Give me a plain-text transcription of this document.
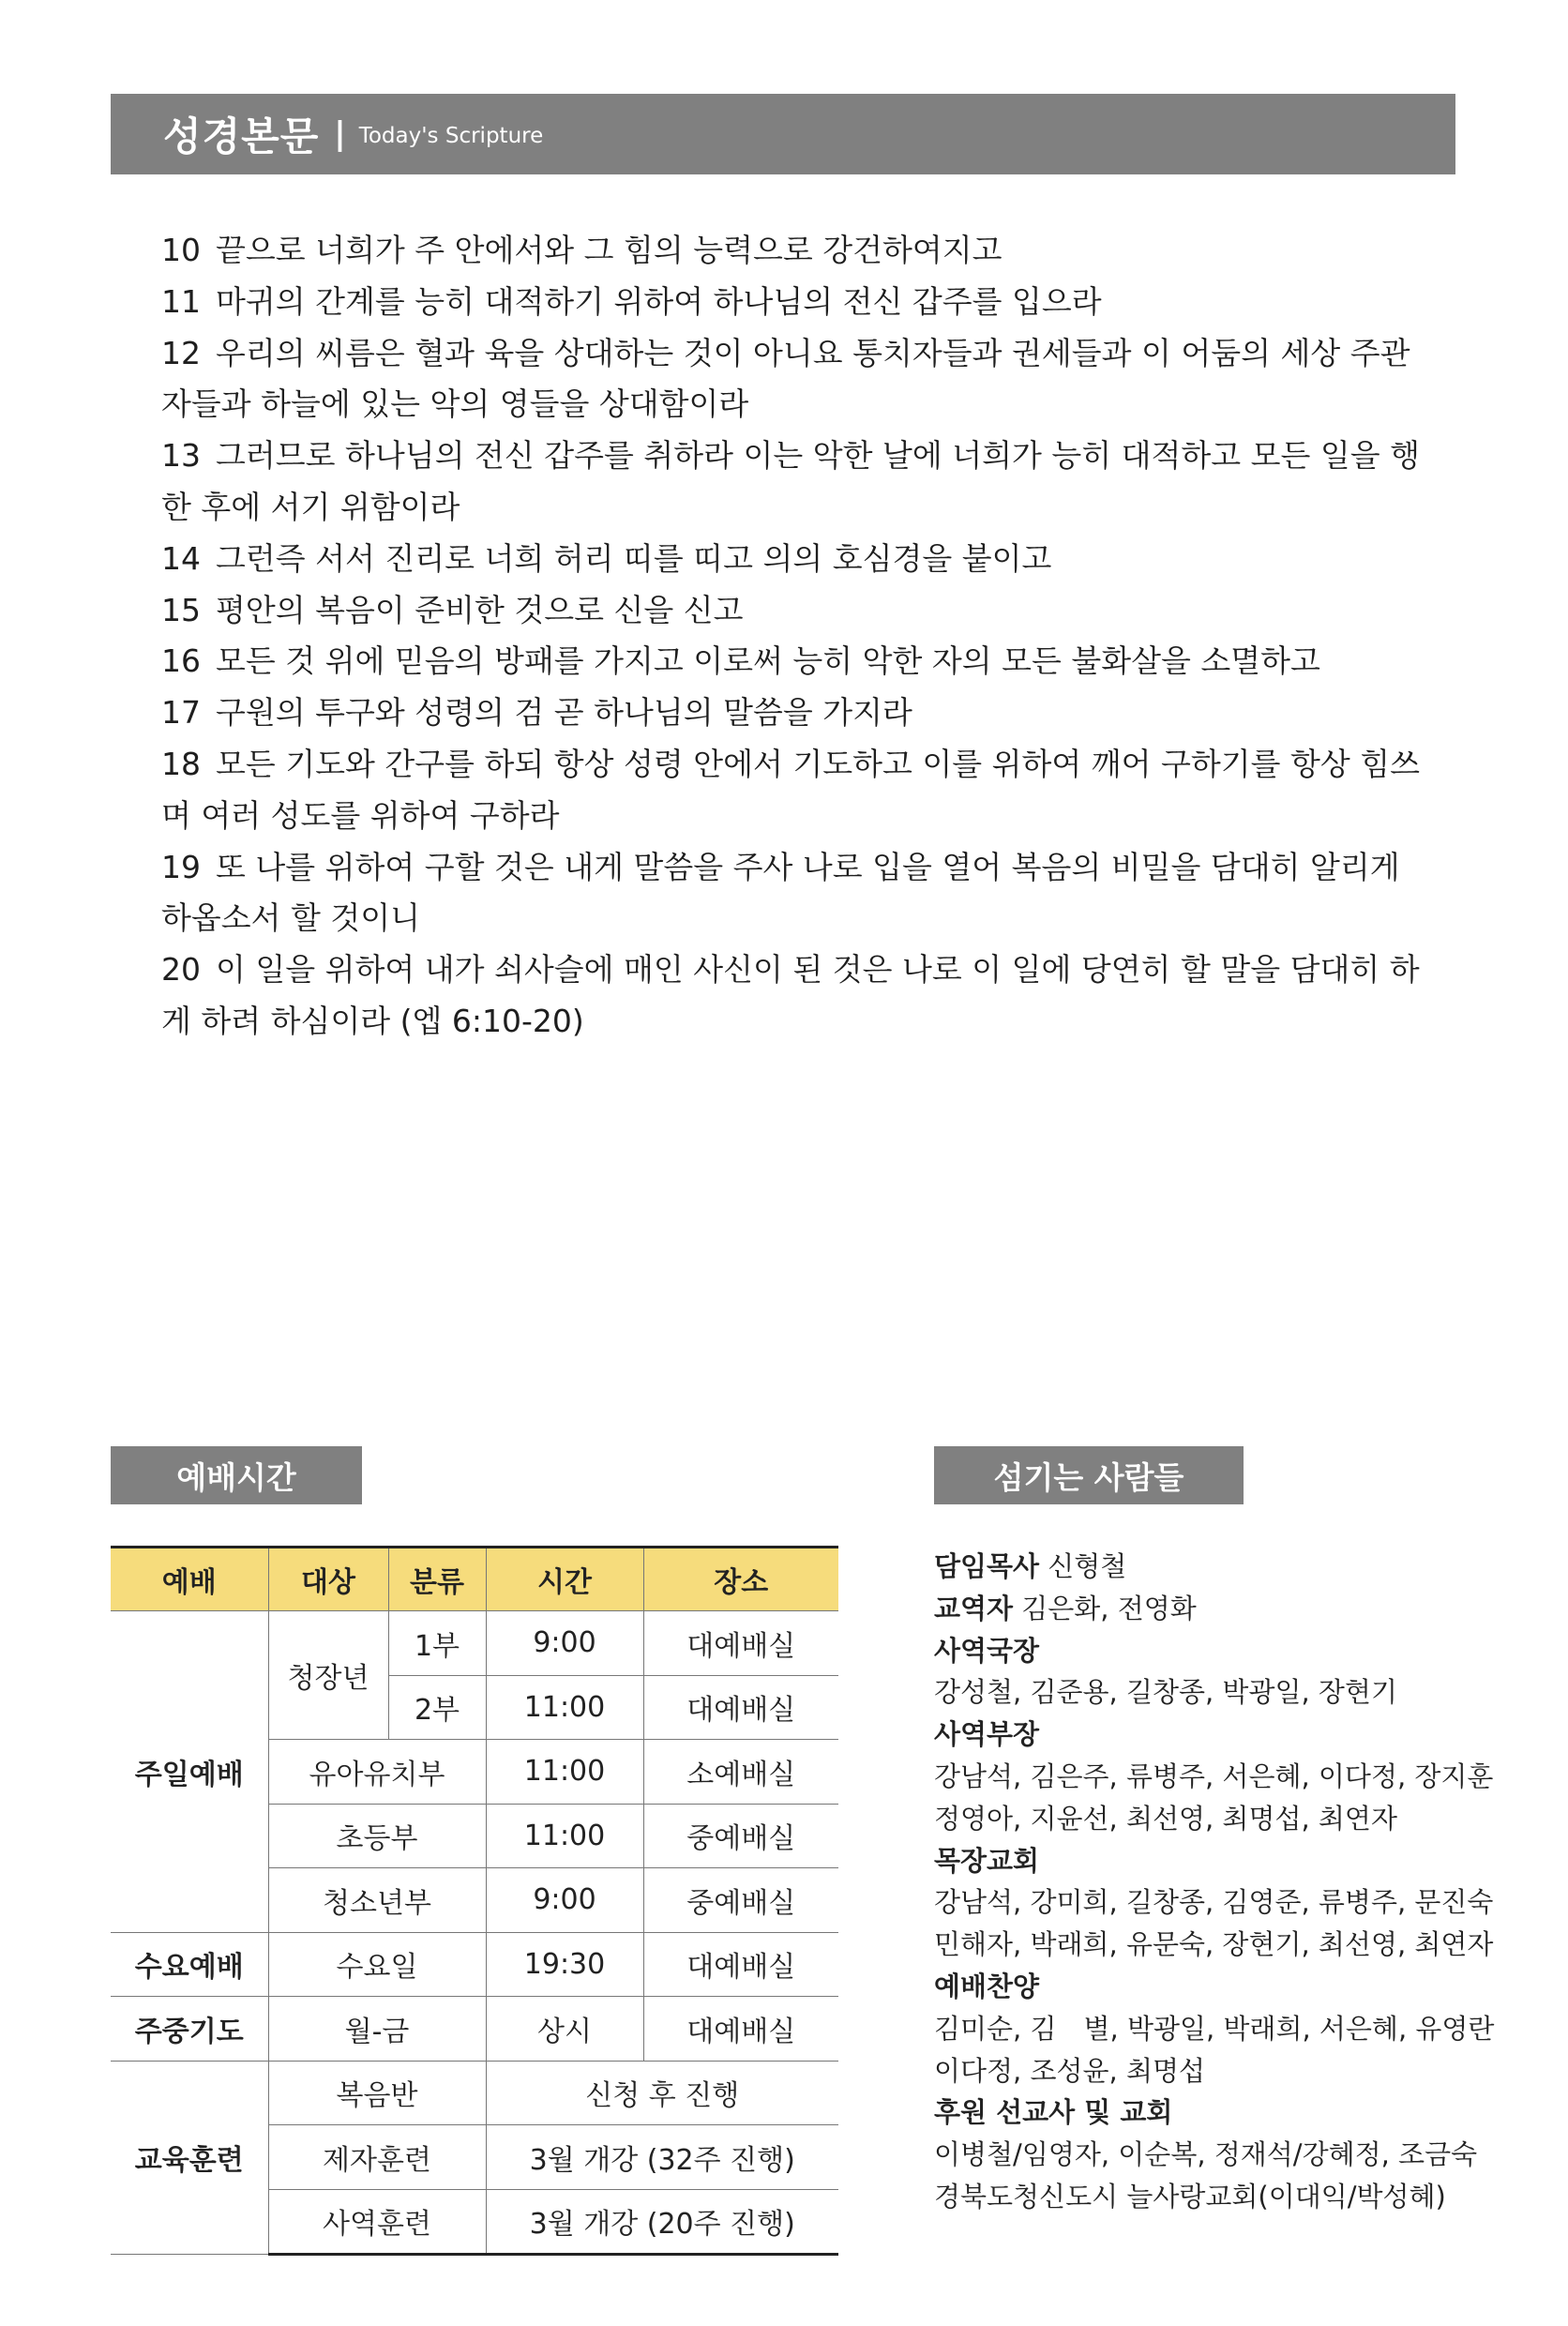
성경본문 | Today's Scripture

10 끝으로 너희가 주 안에서와 그 힘의 능력으로 강건하여지고

11 마귀의 간계를 능히 대적하기 위하여 하나님의 전신 갑주를 입으라

12 우리의 씨름은 혈과 육을 상대하는 것이 아니요 통치자들과 권세들과 이 어둠의 세상 주관
자들과 하늘에 있는 악의 영들을 상대함이라

13 그러므로 하나님의 전신 갑주를 취하라 이는 악한 날에 너희가 능히 대적하고 모든 일을 행
한 후에 서기 위함이라

14 그런즉 서서 진리로 너희 허리 띠를 띠고 의의 호심경을 붙이고

15 평안의 복음이 준비한 것으로 신을 신고

16 모든 것 위에 믿음의 방패를 가지고 이로써 능히 악한 자의 모든 불화살을 소멸하고

17 구원의 투구와 성령의 검 곧 하나님의 말씀을 가지라

18 모든 기도와 간구를 하되 항상 성령 안에서 기도하고 이를 위하여 깨어 구하기를 항상 힘쓰
며 여러 성도를 위하여 구하라

19 또 나를 위하여 구할 것은 내게 말씀을 주사 나로 입을 열어 복음의 비밀을 담대히 알리게
하옵소서 할 것이니

20 이 일을 위하여 내가 쇠사슬에 매인 사신이 된 것은 나로 이 일에 당연히 할 말을 담대히 하
게 하려 하심이라 (엡 6:10-20)

예배시간	섬기는 사람들
예배	대상	분류	시간	장소
주일예배	청장년	1부	9:00	대예배실
		2부	11:00	대예배실
	유아유치부		11:00	소예배실
	초등부		11:00	중예배실
	청소년부		9:00	중예배실
수요예배	수요일		19:30	대예배실
주중기도	월-금		상시	대예배실
교육훈련	복음반		신청 후 진행	
	제자훈련		3월 개강 (32주 진행)	
	사역훈련		3월 개강 (20주 진행)	
담임목사 신형철
교역자 김은화, 전영화
사역국장
강성철, 김준용, 길창종, 박광일, 장현기
사역부장
강남석, 김은주, 류병주, 서은혜, 이다정, 장지훈
정영아, 지윤선, 최선영, 최명섭, 최연자
목장교회
강남석, 강미희, 길창종, 김영준, 류병주, 문진숙
민해자, 박래희, 유문숙, 장현기, 최선영, 최연자
예배찬양
김미순, 김　별, 박광일, 박래희, 서은혜, 유영란
이다정, 조성윤, 최명섭
후원 선교사 및 교회
이병철/임영자, 이순복, 정재석/강혜정, 조금숙
경북도청신도시 늘사랑교회(이대익/박성혜)
